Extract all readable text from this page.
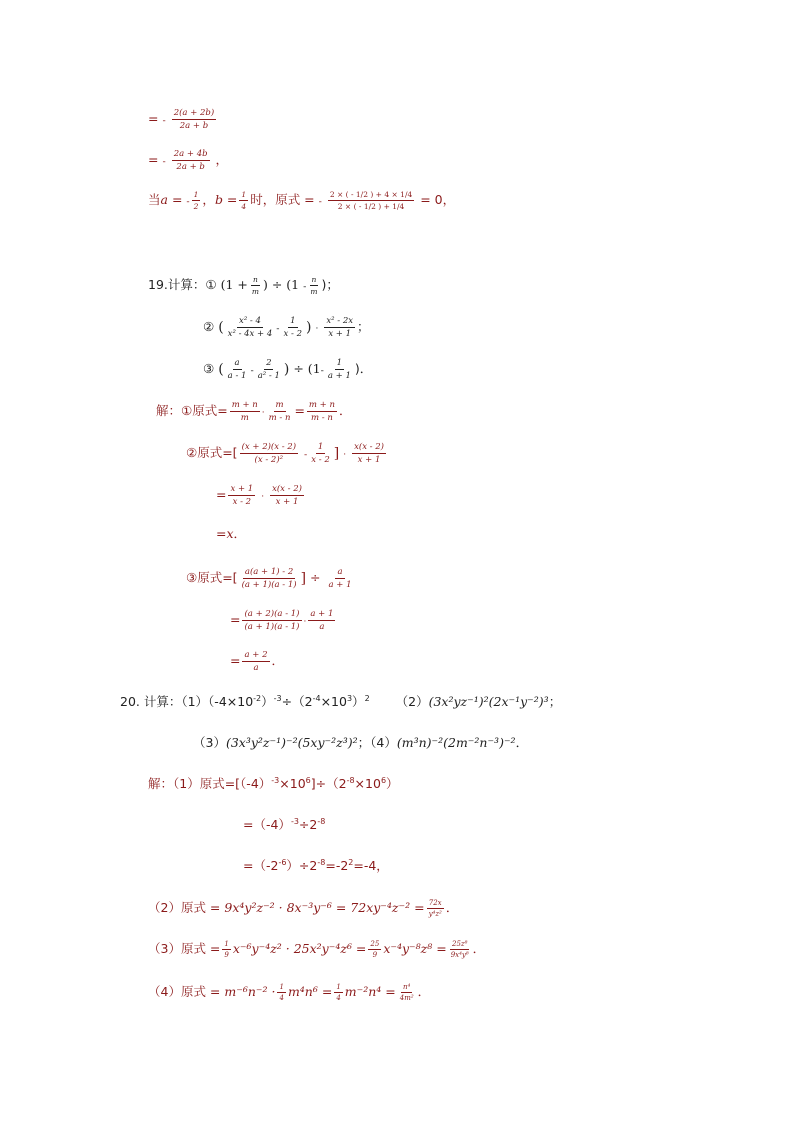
= - $\frac{2(a + 2b)}{2a + b}$
= - $\frac{2a + 4b}{2a + b}$ ，
当a = - $\frac{1}{2}$ ，$b = \frac{1}{4}$ 时，原式 = - $\frac{2 \times ( - 1/2 ) + 4 \times 1/4}{2 \times ( - 1/2 ) + 1/4} = 0$，
19.计算：① ($1 + \frac{n}{m}$ ) ÷ ($1 - \frac{n}{m}$ )；
② ( $\frac{\text{x² - 4}}{\text{x² - 4x + 4}} - \frac{1}{x - 2}$ ) · $\frac{\text{x² - 2x}}{x + 1}$ ；
③ ( $\frac{a}{a - 1} - \frac{2}{\text{a² - 1}}$ ) ÷ ($1- \frac{1}{a + 1}$ )．
解：①原式= $\frac{m + n}{m} \cdot \frac{m}{m - n} = \frac{m + n}{m - n}$ ．
②原式=[ $\frac{(x + 2)(x - 2)}{\text{(x - 2)²}} - \frac{1}{x - 2}$ ] · $\frac{x(x - 2)}{x + 1}$
= $\frac{x + 1}{x - 2} \cdot \frac{x(x - 2)}{x + 1}$
=x．
③原式=[ $\frac{a(a + 1) - 2}{(a + 1)(a - 1)}$ ] ÷ $\frac{a}{a + 1}$
= $\frac{(a + 2)(a - 1)}{(a + 1)(a - 1)} \cdot \frac{a + 1}{a}$
= $\frac{a + 2}{a}$ ．
20. 计算：$(1)(-4\times 10^{-2})^{-3}\div(2^{-4}\times 10^3)^2$ （2）(3x²yz⁻¹)²(2x⁻¹y⁻²)³；
（3）(3x³y²z⁻¹)⁻²(5xy⁻²z³)²；（4）(m³n)⁻²(2m⁻²n⁻³)⁻²．
解：（1）原式$=[(-4)^{-3}\times 10^6]\div(2^{-8}\times 10^6)$
$=(-4)^{-3}\div 2^{-8}$
$=(-2^{-6})\div 2^{-8}=-2^2=-4$，
（2）原式 = $9x^4y^2z^{-2} \cdot 8x^{-3}y^{-6} = 72xy^{-4}z^{-2} = \frac{72x}{\text{y⁴z²}}$ ．
（3）原式 = $\frac{1}{9} x^{-6}y^{-4}z^2 \cdot 25x^2y^{-4}z^6 = \frac{25}{9} x^{-4}y^{-8}z^8 = \frac{\text{25z⁸}}{\text{9x⁴y⁸}}$ ．
（4）原式 = $m^{-6}n^{-2} \cdot \frac{1}{4} m^4n^6 = \frac{1}{4} m^{-2}n^4 = \frac{\text{n⁴}}{\text{4m²}}$ ．
